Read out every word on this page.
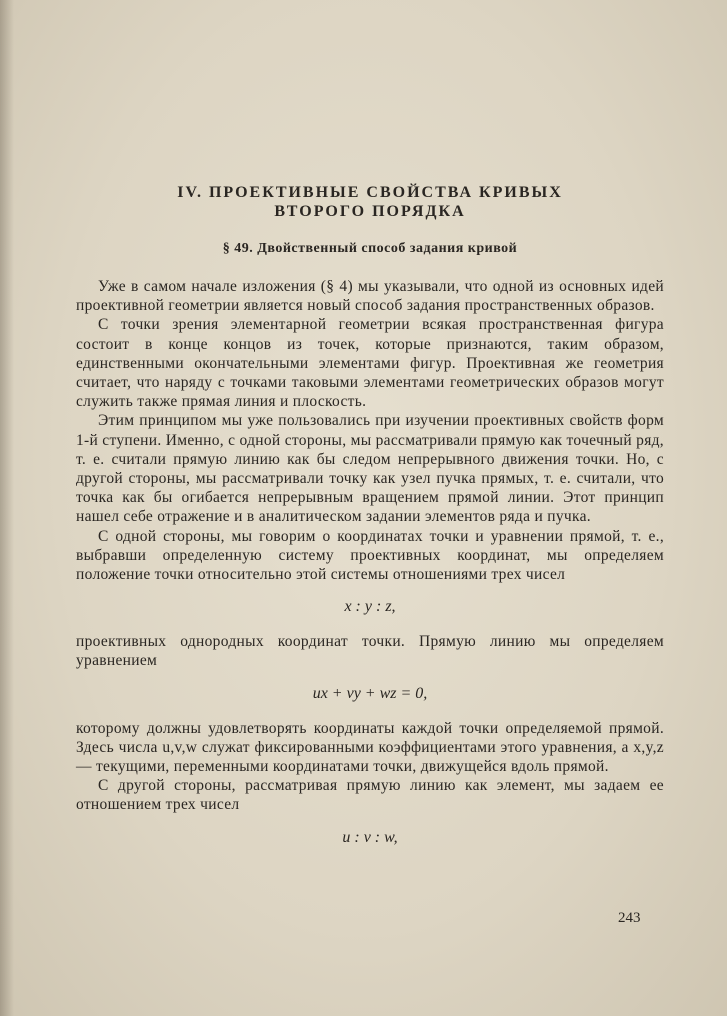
IV. ПРОЕКТИВНЫЕ СВОЙСТВА КРИВЫХ

ВТОРОГО ПОРЯДКА

§ 49. Двойственный способ задания кривой

Уже в самом начале изложения (§ 4) мы указывали, что одной из основных идей проективной геометрии является новый способ задания пространственных образов.

С точки зрения элементарной геометрии всякая пространственная фигура состоит в конце концов из точек, которые признаются, таким образом, единственными окончательными элементами фигур. Проективная же геометрия считает, что наряду с точками таковыми элементами геометрических образов могут служить также прямая линия и плоскость.

Этим принципом мы уже пользовались при изучении проективных свойств форм 1-й ступени. Именно, с одной стороны, мы рассматривали прямую как точечный ряд, т. е. считали прямую линию как бы следом непрерывного движения точки. Но, с другой стороны, мы рассматривали точку как узел пучка прямых, т. е. считали, что точка как бы огибается непрерывным вращением прямой линии. Этот принцип нашел себе отражение и в аналитическом задании элементов ряда и пучка.

С одной стороны, мы говорим о координатах точки и уравнении прямой, т. е., выбравши определенную систему проективных координат, мы определяем положение точки относительно этой системы отношениями трех чисел

x : y : z,

проективных однородных координат точки. Прямую линию мы определяем уравнением

ux + vy + wz = 0,

которому должны удовлетворять координаты каждой точки определяемой прямой. Здесь числа u,v,w служат фиксированными коэффициентами этого уравнения, а x,y,z — текущими, переменными координатами точки, движущейся вдоль прямой.

С другой стороны, рассматривая прямую линию как элемент, мы задаем ее отношением трех чисел

u : v : w,

243
